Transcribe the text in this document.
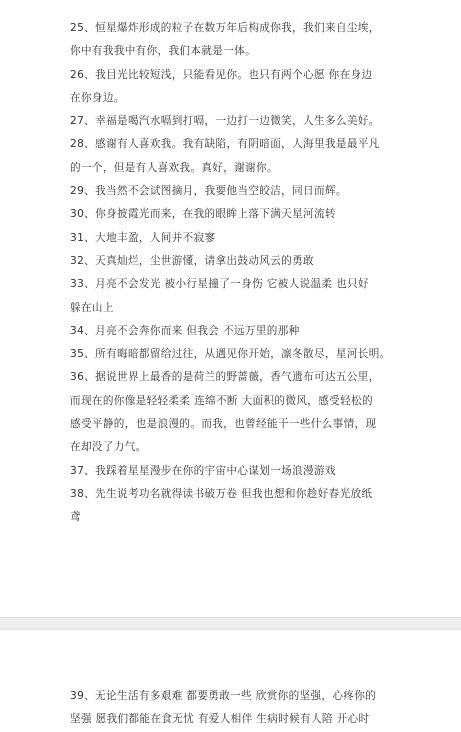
25、恒星爆炸形成的粒子在数万年后构成你我，我们来自尘埃，
你中有我我中有你，我们本就是一体。
26、我目光比较短浅，只能看见你。也只有两个心愿 你在身边
在你身边。
27、幸福是喝汽水嗝到打嗝，一边打一边微笑，人生多么美好。
28、感谢有人喜欢我。我有缺陷，有阴暗面，人海里我是最平凡
的一个，但是有人喜欢我。真好，谢谢你。
29、我当然不会试图摘月，我要他当空皎洁，同日而辉。
30、你身披霞光而来，在我的眼眸上落下满天星河流转
31、大地丰盈，人间并不寂寥
32、天真灿烂，尘世游懂，请拿出鼓动风云的勇敢
33、月亮不会发光 被小行星撞了一身伤 它被人说温柔 也只好
躲在山上
34、月亮不会奔你而来 但我会 不远万里的那种
35、所有晦暗都留给过往，从遇见你开始，凛冬散尽，星河长明。
36、据说世界上最香的是荷兰的野蔷薇，香气遗布可达五公里，
而现在的你像是轻轻柔柔 连绵不断 大面积的微风，感受轻松的
感受平静的，也是浪漫的。而我，也曾经能干一些什么事情，现
在却没了力气。
37、我踩着星星漫步在你的宇宙中心谋划一场浪漫游戏
38、先生说考功名就得读书破万卷 但我也想和你趁好春光放纸
鸢
39、无论生活有多艰难 都要勇敢一些 欣赏你的坚强，心疼你的
坚强 愿我们都能在食无忧 有爱人相伴 生病时候有人陪 开心时
